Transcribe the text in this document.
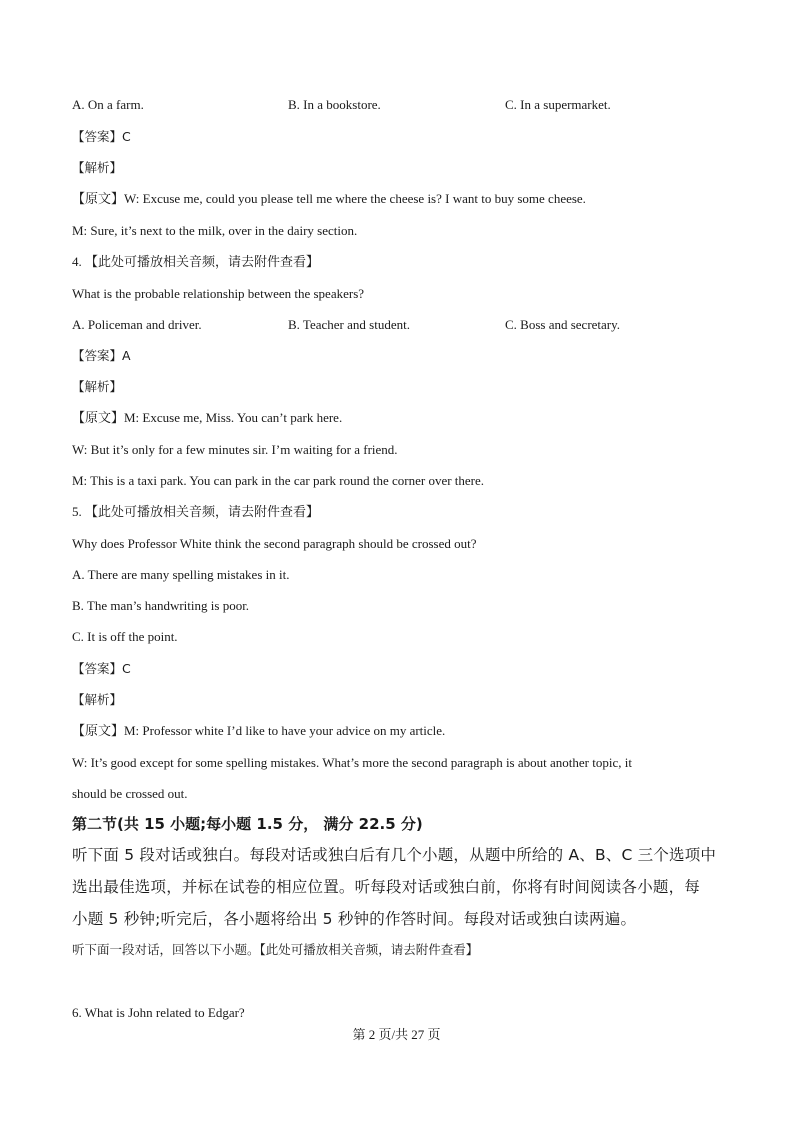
A. On a farm.	B. In a bookstore.	C. In a supermarket.
【答案】C
【解析】
【原文】W: Excuse me, could you please tell me where the cheese is? I want to buy some cheese.
M: Sure, it’s next to the milk, over in the dairy section.
4. 【此处可播放相关音频，请去附件查看】
What is the probable relationship between the speakers?
A. Policeman and driver.	B. Teacher and student.	C. Boss and secretary.
【答案】A
【解析】
【原文】M: Excuse me, Miss. You can’t park here.
W: But it’s only for a few minutes sir. I’m waiting for a friend.
M: This is a taxi park. You can park in the car park round the corner over there.
5. 【此处可播放相关音频，请去附件查看】
Why does Professor White think the second paragraph should be crossed out?
A. There are many spelling mistakes in it.
B. The man’s handwriting is poor.
C. It is off the point.
【答案】C
【解析】
【原文】M: Professor white I’d like to have your advice on my article.
W: It’s good except for some spelling mistakes. What’s more the second paragraph is about another topic, it
should be crossed out.
第二节(共 15 小题;每小题 1.5 分， 满分 22.5 分)
听下面 5 段对话或独白。每段对话或独白后有几个小题，从题中所给的 A、B、C 三个选项中
选出最佳选项，并标在试卷的相应位置。听每段对话或独白前，你将有时间阅读各小题，每
小题 5 秒钟;听完后，各小题将给出 5 秒钟的作答时间。每段对话或独白读两遍。
听下面一段对话，回答以下小题。【此处可播放相关音频，请去附件查看】
6. What is John related to Edgar?
第 2 页/共 27 页
